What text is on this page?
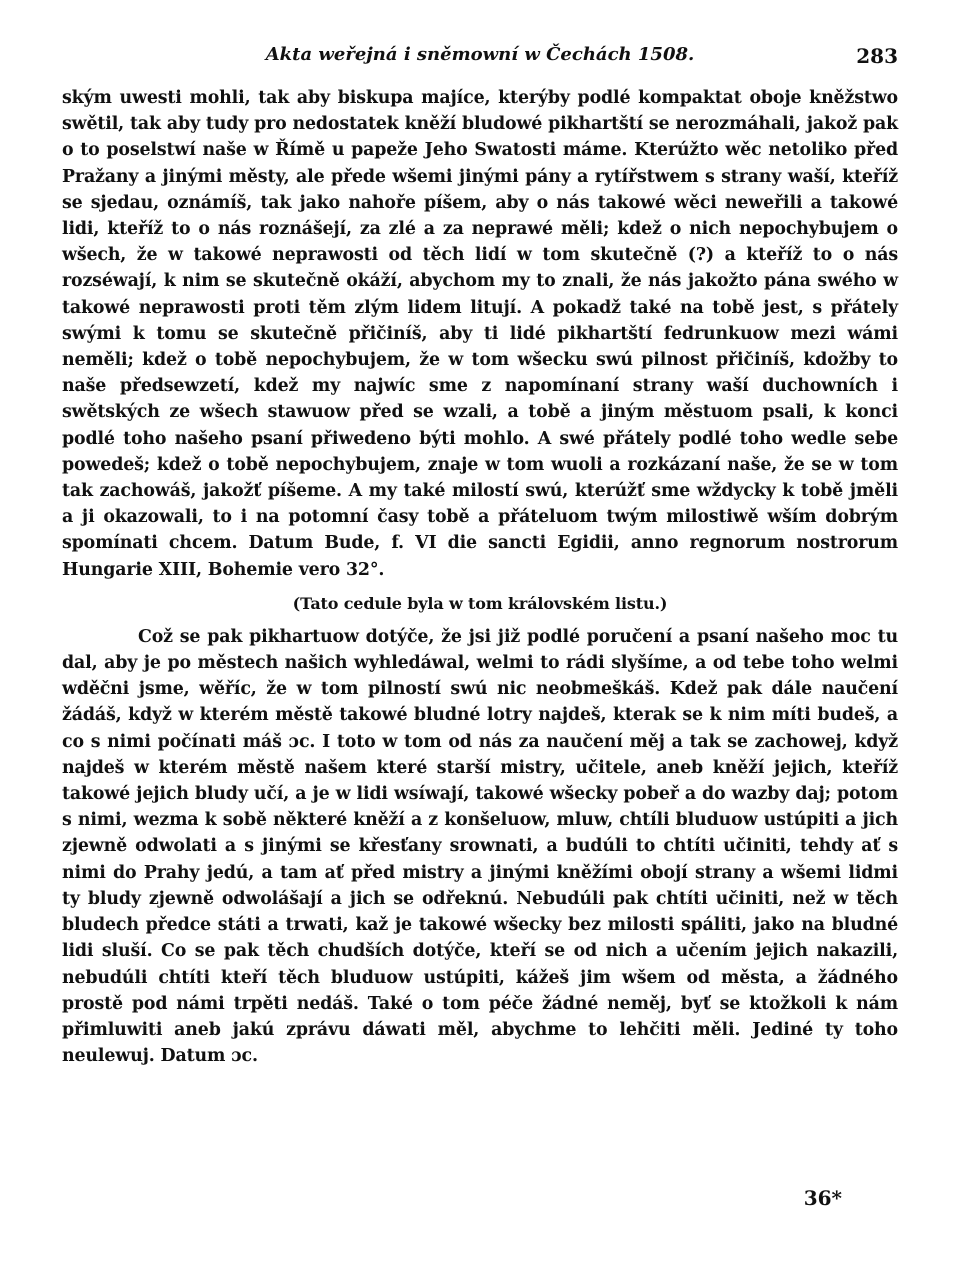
Akta weřejná i sněmowní w Čechách 1508.	283

ským uwesti mohli, tak aby biskupa majíce, kterýby podlé kompaktat oboje kněžstwo swětil, tak aby tudy pro nedostatek kněží bludowé pikhartští se nerozmáhali, jakož pak o to poselstwí naše w Římě u papeže Jeho Swatosti máme. Kterúžto wěc netoliko před Pražany a jinými městy, ale přede wšemi jinými pány a rytířstwem s strany waší, kteříž se sjedau, oznámíš, tak jako nahoře píšem, aby o nás takowé wěci neweřili a takowé lidi, kteříž to o nás roznášejí, za zlé a za neprawé měli; kdež o nich nepochybujem o wšech, že w takowé neprawosti od těch lidí w tom skutečně (?) a kteříž to o nás rozséwají, k nim se skutečně okáží, abychom my to znali, že nás jakožto pána swého w takowé neprawosti proti těm zlým lidem litují. A pokadž také na tobě jest, s přátely swými k tomu se skutečně přičiníš, aby ti lidé pikhartští fedrunkuow mezi wámi neměli; kdež o tobě nepochybujem, že w tom wšecku swú pilnost přičiníš, kdožby to naše předsewzetí, kdež my najwíc sme z napomínaní strany waší duchowních i swětských ze wšech stawuow před se wzali, a tobě a jiným městuom psali, k konci podlé toho našeho psaní přiwedeno býti mohlo. A swé přátely podlé toho wedle sebe powedeš; kdež o tobě nepochybujem, znaje w tom wuoli a rozkázaní naše, že se w tom tak zachowáš, jakožť píšeme. A my také milostí swú, kterúžť sme wždycky k tobě jměli a ji okazowali, to i na potomní časy tobě a přáteluom twým milostiwě wším dobrým spomínati chcem. Datum Bude, f. VI die sancti Egidii, anno regnorum nostrorum Hungarie XIII, Bohemie vero 32°.

(Tato cedule byla w tom královském listu.)

Což se pak pikhartuow dotýče, že jsi již podlé poručení a psaní našeho moc tu dal, aby je po městech našich wyhledáwal, welmi to rádi slyšíme, a od tebe toho welmi wděčni jsme, wěříc, že w tom pilností swú nic neobmeškáš. Kdež pak dále naučení žádáš, když w kterém městě takowé bludné lotry najdeš, kterak se k nim míti budeš, a co s nimi počínati máš ɔc. I toto w tom od nás za naučení měj a tak se zachowej, když najdeš w kterém městě našem které starší mistry, učitele, aneb kněží jejich, kteříž takowé jejich bludy učí, a je w lidi wsíwají, takowé wšecky pobeř a do wazby daj; potom s nimi, wezma k sobě některé kněží a z konšeluow, mluw, chtíli bluduow ustúpiti a jich zjewně odwolati a s jinými se křesťany srownati, a budúli to chtíti učiniti, tehdy ať s nimi do Prahy jedú, a tam ať před mistry a jinými kněžími obojí strany a wšemi lidmi ty bludy zjewně odwolášají a jich se odřeknú. Nebudúli pak chtíti učiniti, než w těch bludech předce státi a trwati, kaž je takowé wšecky bez milosti spáliti, jako na bludné lidi sluší. Co se pak těch chudších dotýče, kteří se od nich a učením jejich nakazili, nebudúli chtíti kteří těch bluduow ustúpiti, kážeš jim wšem od města, a žádného prostě pod námi trpěti nedáš. Také o tom péče žádné neměj, byť se ktožkoli k nám přimluwiti aneb jakú zprávu dáwati měl, abychme to lehčiti měli. Jediné ty toho neulewuj. Datum ɔc.

36*
